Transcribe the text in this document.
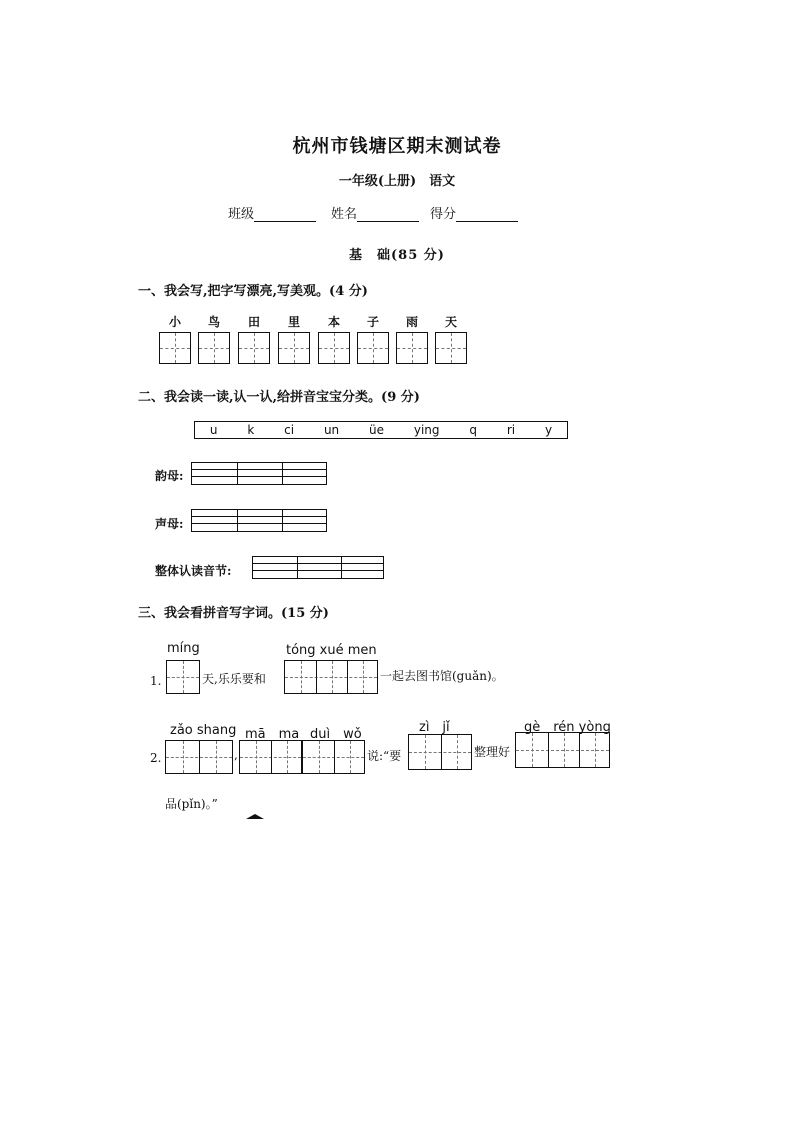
杭州市钱塘区期末测试卷
一年级(上册)　语文
班级	姓名	得分
基　础(85 分)
一、我会写,把字写漂亮,写美观。(4 分)
小	鸟	田	里	本	子	雨	天
二、我会读一读,认一认,给拼音宝宝分类。(9 分)
u k ci un üe ying q ri y
韵母:
声母:
整体认读音节:
三、我会看拼音写字词。(15 分)
míng	tóng xué men
1.	天,乐乐要和	一起去图书馆(guǎn)。
zǎo shang mā　ma duì　wǒ	zì　jǐ	gè　rén yòng
2.	,	说:“要	整理好
品(pǐn)。”
